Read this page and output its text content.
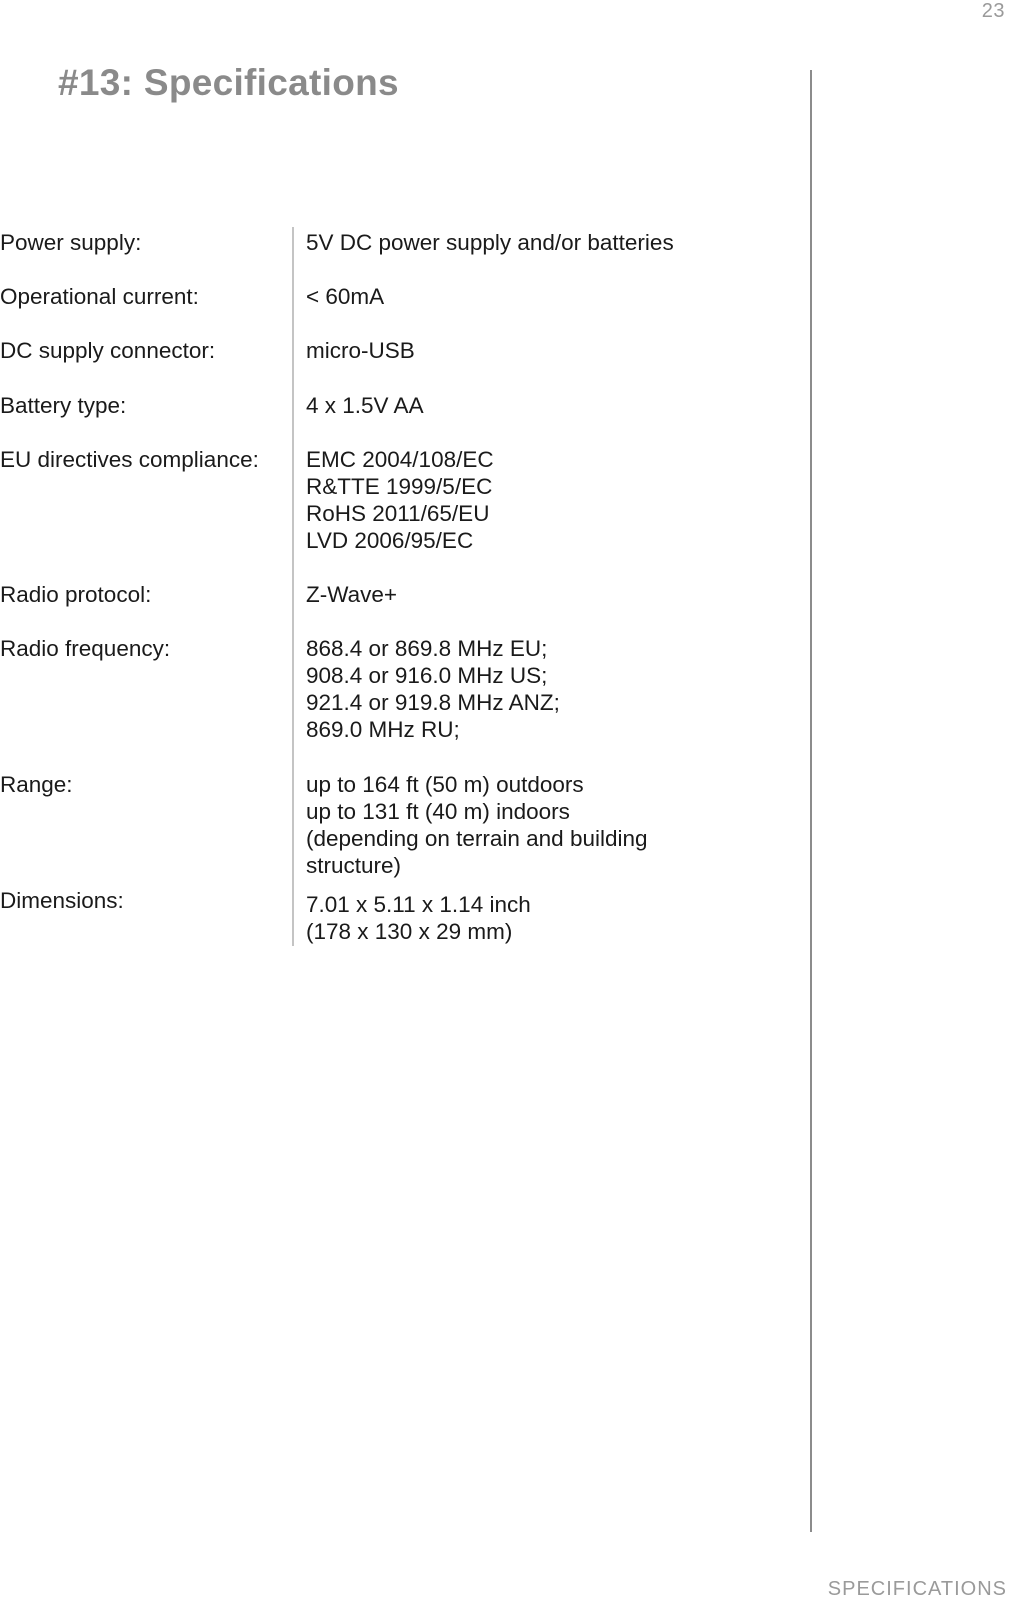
23
#13: Specifications
Power supply:	5V DC power supply and/or batteries
Operational current:	< 60mA
DC supply connector:	micro-USB
Battery type:	4 x 1.5V AA
EU directives compliance: EMC 2004/108/EC
R&TTE 1999/5/EC
RoHS 2011/65/EU
LVD 2006/95/EC
Radio protocol:	Z-Wave+
Radio frequency:	868.4 or 869.8 MHz EU;
908.4 or 916.0 MHz US;
921.4 or 919.8 MHz ANZ;
869.0 MHz RU;
Range:	up to 164 ft (50 m) outdoors
up to 131 ft (40 m) indoors
(depending on terrain and building
structure)
Dimensions:	7.01 x 5.11 x 1.14 inch
(178 x 130 x 29 mm)
SPECIFICATIONS
